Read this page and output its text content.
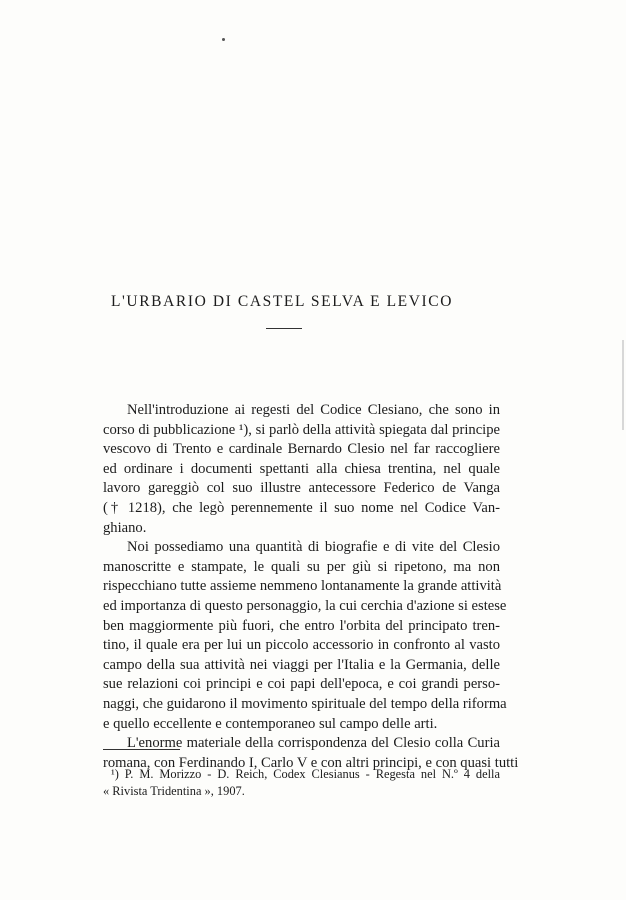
L'URBARIO DI CASTEL SELVA E LEVICO
Nell'introduzione ai regesti del Codice Clesiano, che sono in
corso di pubblicazione ¹), si parlò della attività spiegata dal principe
vescovo di Trento e cardinale Bernardo Clesio nel far raccogliere
ed ordinare i documenti spettanti alla chiesa trentina, nel quale
lavoro gareggiò col suo illustre antecessore Federico de Vanga
(† 1218), che legò perennemente il suo nome nel Codice Van-
ghiano.
Noi possediamo una quantità di biografie e di vite del Clesio
manoscritte e stampate, le quali su per giù si ripetono, ma non
rispecchiano tutte assieme nemmeno lontanamente la grande attività
ed importanza di questo personaggio, la cui cerchia d'azione si estese
ben maggiormente più fuori, che entro l'orbita del principato tren-
tino, il quale era per lui un piccolo accessorio in confronto al vasto
campo della sua attività nei viaggi per l'Italia e la Germania, delle
sue relazioni coi principi e coi papi dell'epoca, e coi grandi perso-
naggi, che guidarono il movimento spirituale del tempo della riforma
e quello eccellente e contemporaneo sul campo delle arti.
L'enorme materiale della corrispondenza del Clesio colla Curia
romana, con Ferdinando I, Carlo V e con altri principi, e con quasi tutti
¹) P. M. Morizzo - D. Reich, Codex Clesianus - Regesta nel N.º 4 della
« Rivista Tridentina », 1907.
